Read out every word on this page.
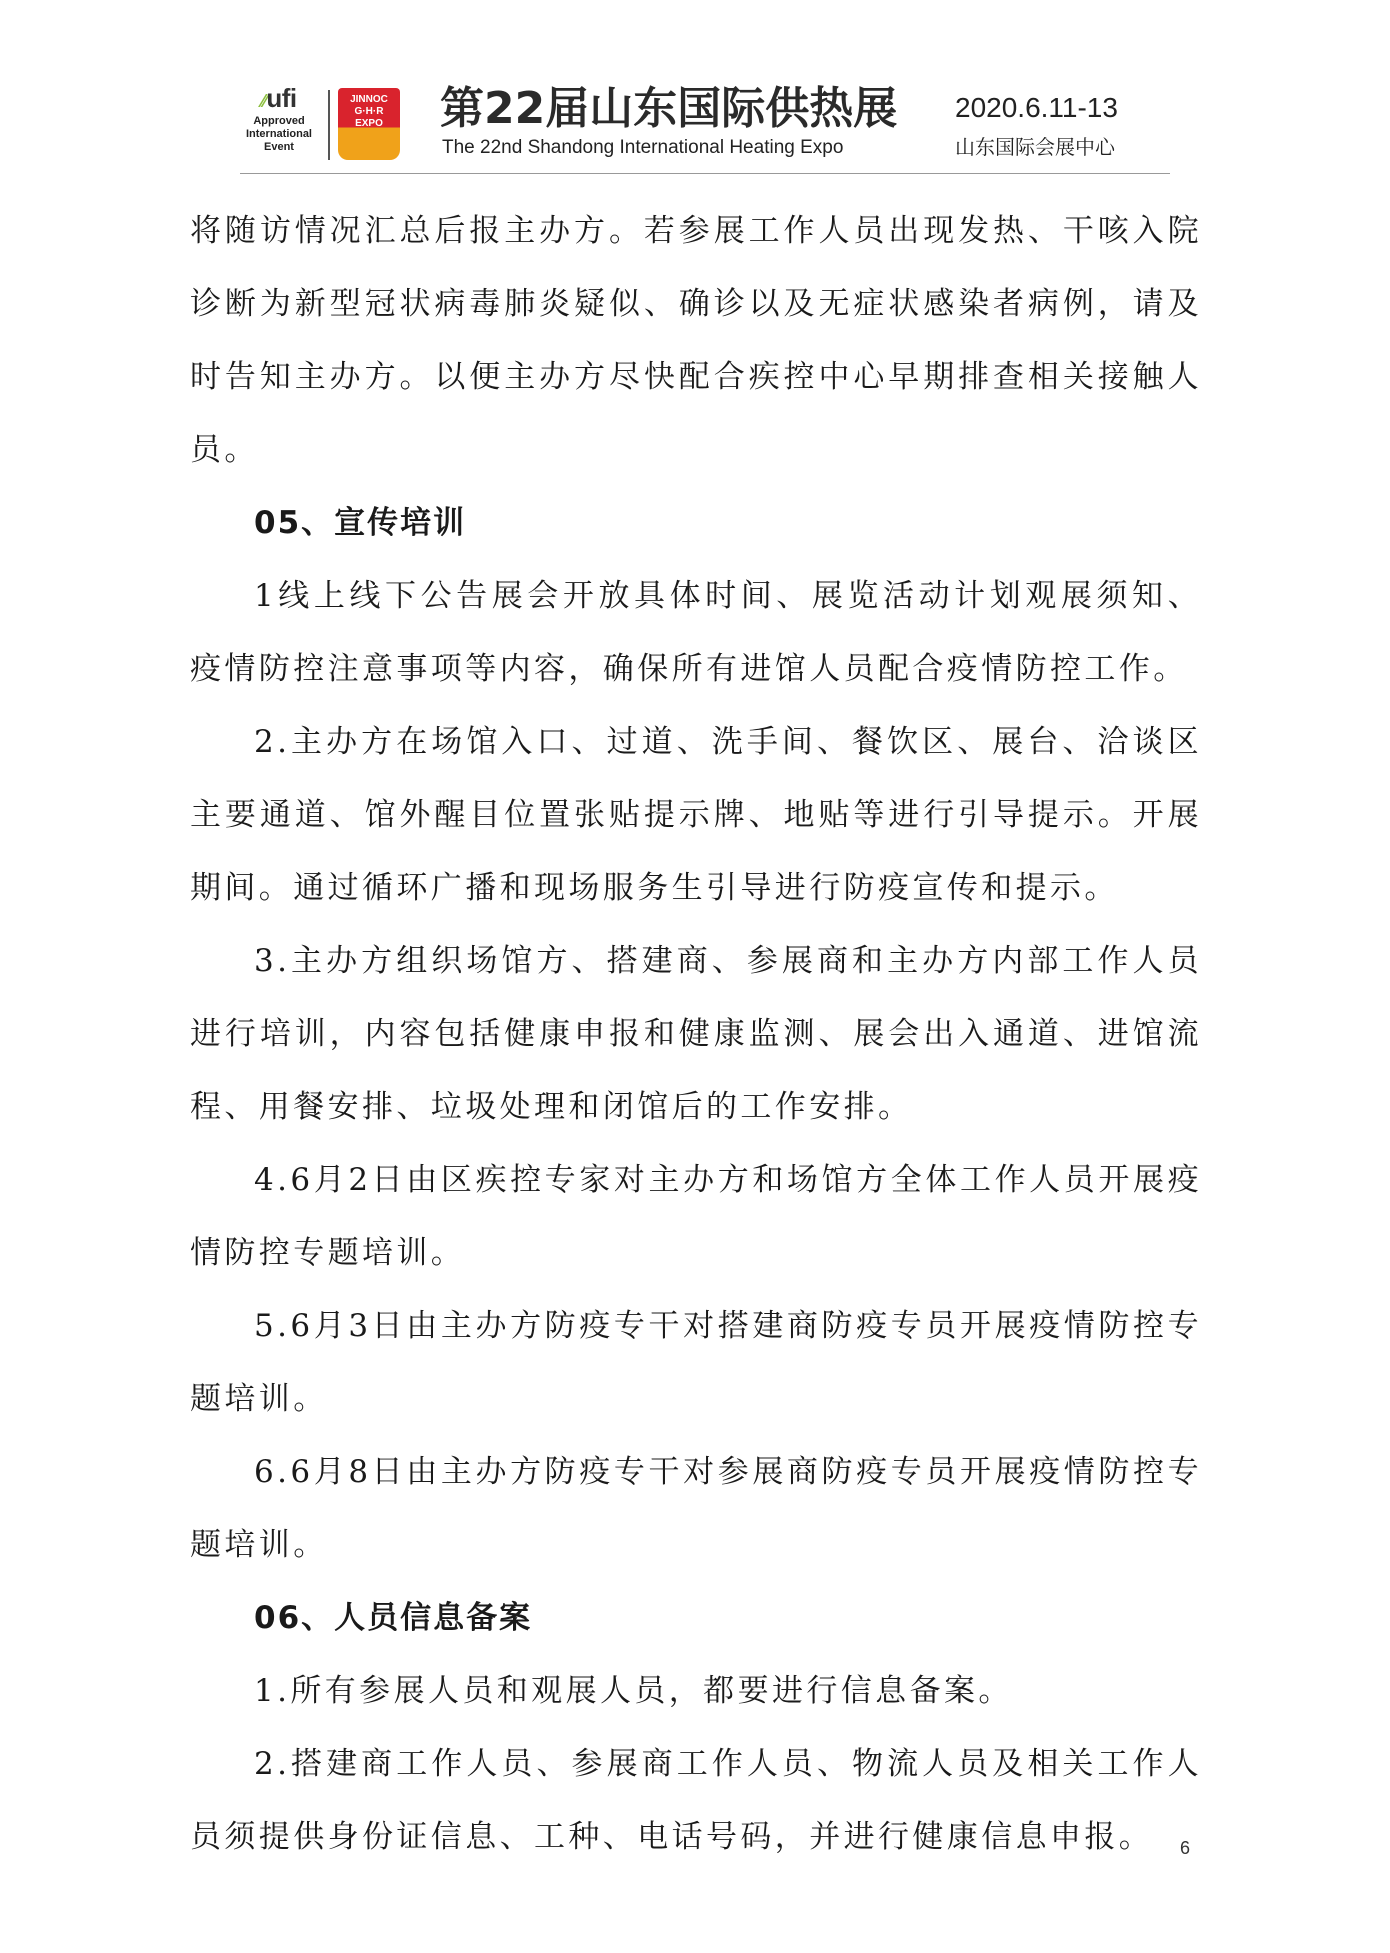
⁄⁄ufi
Approved
International
Event
JINNOC
G·H·R
EXPO	第22届山东国际供热展
The 22nd Shandong International Heating Expo
2020.6.11-13
山东国际会展中心

将随访情况汇总后报主办方。若参展工作人员出现发热、干咳入院诊断为新型冠状病毒肺炎疑似、确诊以及无症状感染者病例，请及时告知主办方。以便主办方尽快配合疾控中心早期排查相关接触人员。

05、宣传培训

1线上线下公告展会开放具体时间、展览活动计划观展须知、疫情防控注意事项等内容，确保所有进馆人员配合疫情防控工作。

2.主办方在场馆入口、过道、洗手间、餐饮区、展台、洽谈区主要通道、馆外醒目位置张贴提示牌、地贴等进行引导提示。开展期间。通过循环广播和现场服务生引导进行防疫宣传和提示。

3.主办方组织场馆方、搭建商、参展商和主办方内部工作人员进行培训，内容包括健康申报和健康监测、展会出入通道、进馆流程、用餐安排、垃圾处理和闭馆后的工作安排。

4.6月2日由区疾控专家对主办方和场馆方全体工作人员开展疫情防控专题培训。

5.6月3日由主办方防疫专干对搭建商防疫专员开展疫情防控专题培训。

6.6月8日由主办方防疫专干对参展商防疫专员开展疫情防控专题培训。

06、人员信息备案

1.所有参展人员和观展人员，都要进行信息备案。

2.搭建商工作人员、参展商工作人员、物流人员及相关工作人员须提供身份证信息、工种、电话号码，并进行健康信息申报。	6
